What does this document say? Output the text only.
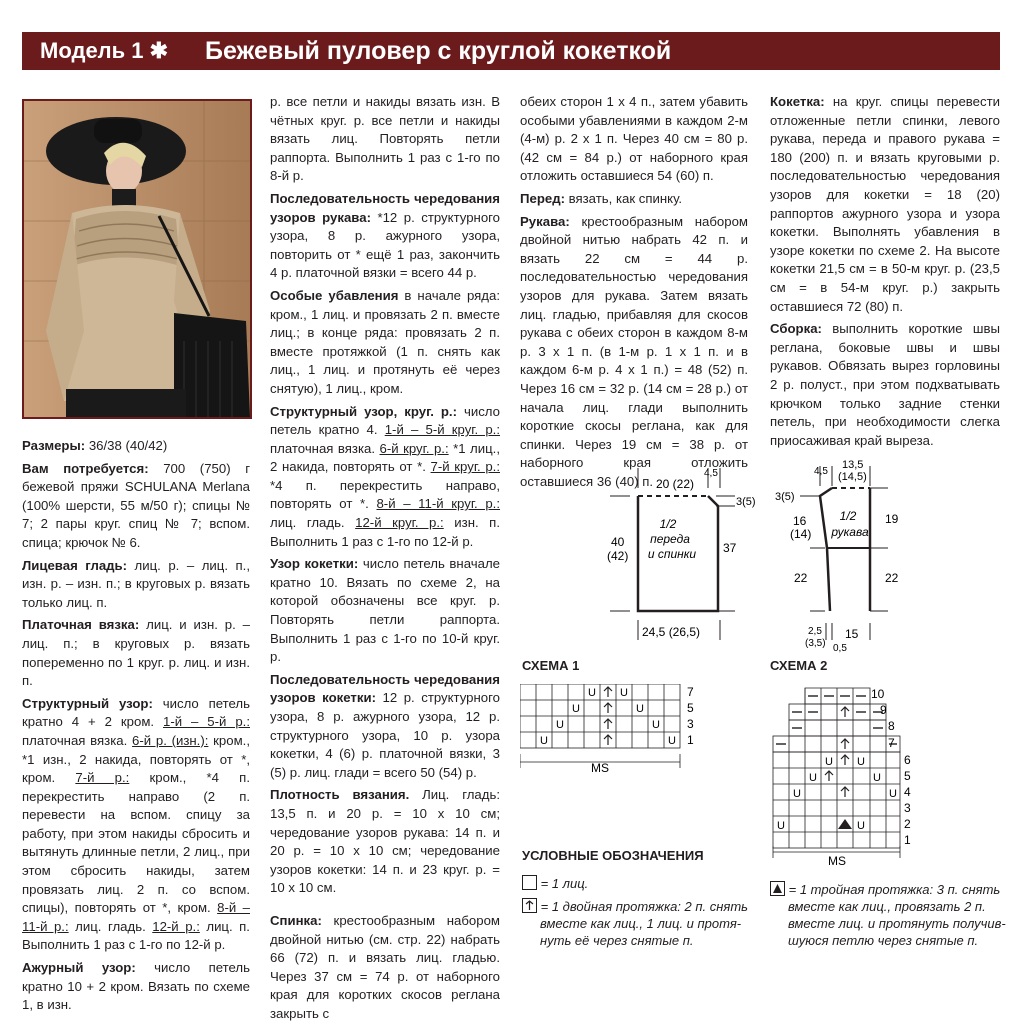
Модель 1 ✱ Бежевый пуловер с круглой кокеткой

Размеры: 36/38 (40/42)

Вам потребуется: 700 (750) г бежевой пряжи SCHULANA Merlana (100% шерсти, 55 м/50 г); спицы № 7; 2 пары круг. спиц № 7; вспом. спица; крючок № 6.

Лицевая гладь: лиц. р. – лиц. п., изн. р. – изн. п.; в круговых р. вязать только лиц. п.

Платочная вязка: лиц. и изн. р. – лиц. п.; в круговых р. вязать попеременно по 1 круг. р. лиц. и изн. п.

Структурный узор: число петель кратно 4 + 2 кром. 1-й – 5-й р.: платочная вязка. 6-й р. (изн.): кром., *1 изн., 2 накида, повторять от *, кром. 7-й р.: кром., *4 п. перекрестить направо (2 п. перевести на вспом. спицу за работу, при этом накиды сбросить и вытянуть длинные петли, 2 лиц., при этом сбросить накиды, затем провязать лиц. 2 п. со вспом. спицы), повторять от *, кром. 8-й – 11-й р.: лиц. гладь. 12-й р.: лиц. п. Выполнить 1 раз с 1-го по 12-й р.

Ажурный узор: число петель кратно 10 + 2 кром. Вязать по схеме 1, в изн.

р. все петли и накиды вязать изн. В чётных круг. р. все петли и накиды вязать лиц. Повторять петли раппорта. Выполнить 1 раз с 1-го по 8-й р.

Последовательность чередования узоров рукава: *12 р. структурного узора, 8 р. ажурного узора, повторить от * ещё 1 раз, закончить 4 р. платочной вязки = всего 44 р.

Особые убавления в начале ряда: кром., 1 лиц. и провязать 2 п. вместе лиц.; в конце ряда: провязать 2 п. вместе протяжкой (1 п. снять как лиц., 1 лиц. и протянуть её через снятую), 1 лиц., кром.

Структурный узор, круг. р.: число петель кратно 4. 1-й – 5-й круг. р.: платочная вязка. 6-й круг. р.: *1 лиц., 2 накида, повторять от *. 7-й круг. р.: *4 п. перекрестить направо, повторять от *. 8-й – 11-й круг. р.: лиц. гладь. 12-й круг. р.: изн. п. Выполнить 1 раз с 1-го по 12-й р.

Узор кокетки: число петель вначале кратно 10. Вязать по схеме 2, на которой обозначены все круг. р. Повторять петли раппорта. Выполнить 1 раз с 1-го по 10-й круг. р.

Последовательность чередования узоров кокетки: 12 р. структурного узора, 8 р. ажурного узора, 12 р. структурного узора, 10 р. узора кокетки, 4 (6) р. платочной вязки, 3 (5) р. лиц. глади = всего 50 (54) р.

Плотность вязания. Лиц. гладь: 13,5 п. и 20 р. = 10 х 10 см; чередование узоров рукава: 14 п. и 20 р. = 10 х 10 см; чередование узоров кокетки: 14 п. и 23 круг. р. = 10 х 10 см.

Спинка: крестообразным набором двойной нитью (см. стр. 22) набрать 66 (72) п. и вязать лиц. гладью. Через 37 см = 74 р. от наборного края для коротких скосов реглана закрыть с

обеих сторон 1 х 4 п., затем убавить особыми убавлениями в каждом 2-м (4-м) р. 2 х 1 п. Через 40 см = 80 р. (42 см = 84 р.) от наборного края отложить оставшиеся 54 (60) п.

Перед: вязать, как спинку.

Рукава: крестообразным набором двойной нитью набрать 42 п. и вязать 22 см = 44 р. последовательностью чередования узоров для рукава. Затем вязать лиц. гладью, прибавляя для скосов рукава с обеих сторон в каждом 8-м р. 3 х 1 п. (в 1-м р. 1 х 1 п. и в каждом 6-м р. 4 х 1 п.) = 48 (52) п. Через 16 см = 32 р. (14 см = 28 р.) от начала лиц. глади выполнить короткие скосы реглана, как для спинки. Через 19 см = 38 р. от наборного края отложить оставшиеся 36 (40) п.

Кокетка: на круг. спицы перевести отложенные петли спинки, левого рукава, переда и правого рукава = 180 (200) п. и вязать круговыми р. последовательностью чередования узоров для кокетки = 18 (20) раппортов ажурного узора и узора кокетки. Выполнять убавления в узоре кокетки по схеме 2. На высоте кокетки 21,5 см = в 50-м круг. р. (23,5 см = в 54-м круг. р.) закрыть оставшиеся 72 (80) п.

Сборка: выполнить короткие швы реглана, боковые швы и швы рукавов. Обвязать вырез горловины 2 р. полуст., при этом подхватывать крючком только задние стенки петель, при необходимости слегка приосаживая край выреза.

20 (22)
4,5
3(5)
40
(42)
37
1/2
переда
и спинки
24,5 (26,5)
4,5
13,5
(14,5)
3(5)
16
(14)
19
22	22
1/2
рукава
2,5
(3,5)
15
0,5
СХЕМА 1	СХЕМА 2
U U
U	U
U	U
U	U
7
5
3
1
MS	U U
U	U
U	U
U	U
10
9
8
7
6
5
4
3
2
1
MS
УСЛОВНЫЕ ОБОЗНАЧЕНИЯ
= 1 лиц.
= 1 двойная протяжка: 2 п. снять
вместе как лиц., 1 лиц. и протя-
нуть её через снятые п.
= 1 тройная протяжка: 3 п. снять
вместе как лиц., провязать 2 п.
вместе лиц. и протянуть получив-
шуюся петлю через снятые п.
